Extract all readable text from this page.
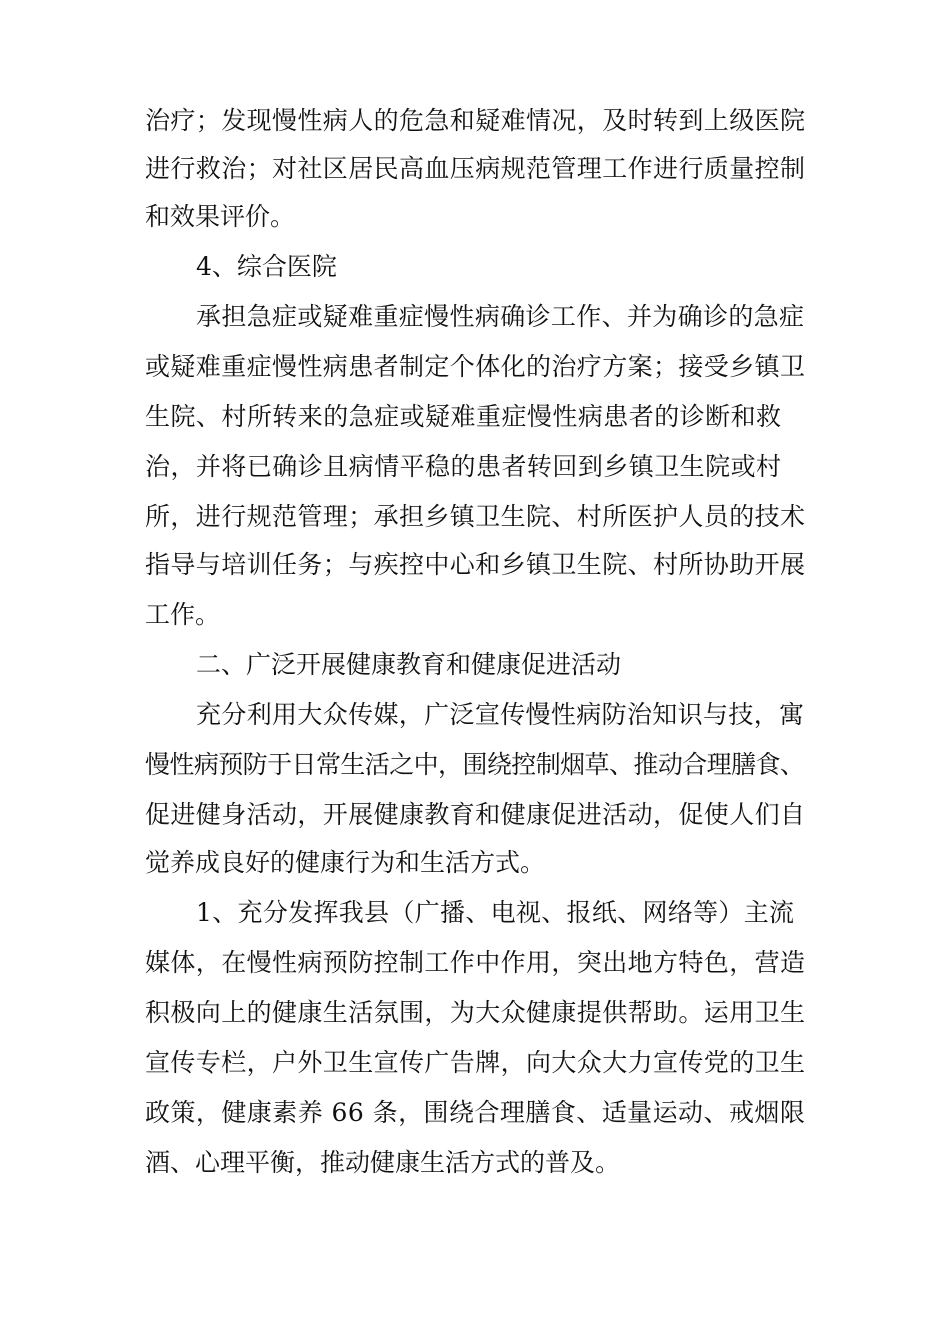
治疗；发现慢性病人的危急和疑难情况，及时转到上级医院

进行救治；对社区居民高血压病规范管理工作进行质量控制

和效果评价。

4、综合医院

承担急症或疑难重症慢性病确诊工作、并为确诊的急症

或疑难重症慢性病患者制定个体化的治疗方案；接受乡镇卫

生院、村所转来的急症或疑难重症慢性病患者的诊断和救

治，并将已确诊且病情平稳的患者转回到乡镇卫生院或村

所，进行规范管理；承担乡镇卫生院、村所医护人员的技术

指导与培训任务；与疾控中心和乡镇卫生院、村所协助开展

工作。

二、广泛开展健康教育和健康促进活动

充分利用大众传媒，广泛宣传慢性病防治知识与技，寓

慢性病预防于日常生活之中，围绕控制烟草、推动合理膳食、

促进健身活动，开展健康教育和健康促进活动，促使人们自

觉养成良好的健康行为和生活方式。

1、充分发挥我县（广播、电视、报纸、网络等）主流

媒体，在慢性病预防控制工作中作用，突出地方特色，营造

积极向上的健康生活氛围，为大众健康提供帮助。运用卫生

宣传专栏，户外卫生宣传广告牌，向大众大力宣传党的卫生

政策，健康素养 66 条，围绕合理膳食、适量运动、戒烟限

酒、心理平衡，推动健康生活方式的普及。
